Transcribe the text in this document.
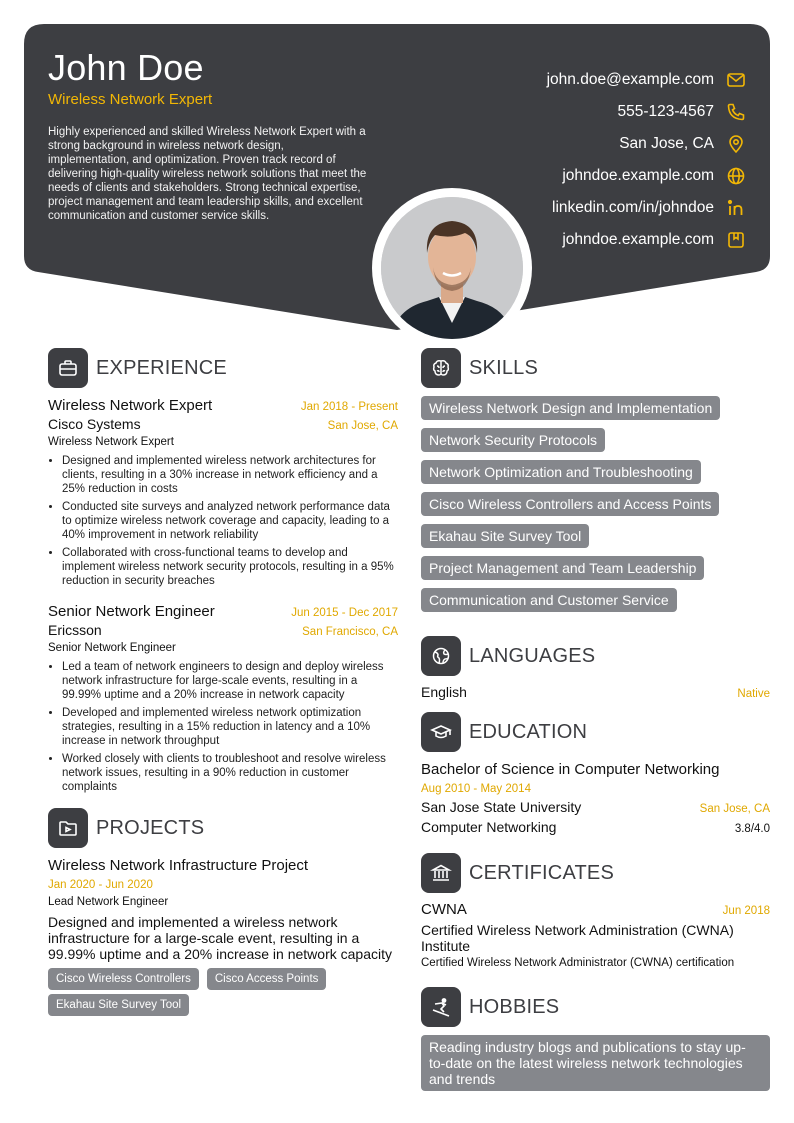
John Doe
Wireless Network Expert
Highly experienced and skilled Wireless Network Expert with a strong background in wireless network design, implementation, and optimization. Proven track record of delivering high-quality wireless network solutions that meet the needs of clients and stakeholders. Strong technical expertise, project management and team leadership skills, and excellent communication and customer service skills.
john.doe@example.com
555-123-4567
San Jose, CA
johndoe.example.com
linkedin.com/in/johndoe
johndoe.example.com
EXPERIENCE
Wireless Network Expert	Jan 2018 - Present
Cisco Systems	San Jose, CA
Wireless Network Expert
• Designed and implemented wireless network architectures for clients, resulting in a 30% increase in network efficiency and a 25% reduction in costs
• Conducted site surveys and analyzed network performance data to optimize wireless network coverage and capacity, leading to a 40% improvement in network reliability
• Collaborated with cross-functional teams to develop and implement wireless network security protocols, resulting in a 95% reduction in security breaches
Senior Network Engineer	Jun 2015 - Dec 2017
Ericsson	San Francisco, CA
Senior Network Engineer
• Led a team of network engineers to design and deploy wireless network infrastructure for large-scale events, resulting in a 99.99% uptime and a 20% increase in network capacity
• Developed and implemented wireless network optimization strategies, resulting in a 15% reduction in latency and a 10% increase in network throughput
• Worked closely with clients to troubleshoot and resolve wireless network issues, resulting in a 90% reduction in customer complaints
PROJECTS
Wireless Network Infrastructure Project
Jan 2020 - Jun 2020
Lead Network Engineer
Designed and implemented a wireless network infrastructure for a large-scale event, resulting in a 99.99% uptime and a 20% increase in network capacity
Cisco Wireless Controllers	Cisco Access Points
Ekahau Site Survey Tool
SKILLS
Wireless Network Design and Implementation
Network Security Protocols
Network Optimization and Troubleshooting
Cisco Wireless Controllers and Access Points
Ekahau Site Survey Tool
Project Management and Team Leadership
Communication and Customer Service
LANGUAGES
English	Native
EDUCATION
Bachelor of Science in Computer Networking
Aug 2010 - May 2014
San Jose State University	San Jose, CA
Computer Networking	3.8/4.0
CERTIFICATES
CWNA	Jun 2018
Certified Wireless Network Administration (CWNA) Institute
Certified Wireless Network Administrator (CWNA) certification
HOBBIES
Reading industry blogs and publications to stay up-to-date on the latest wireless network technologies and trends
